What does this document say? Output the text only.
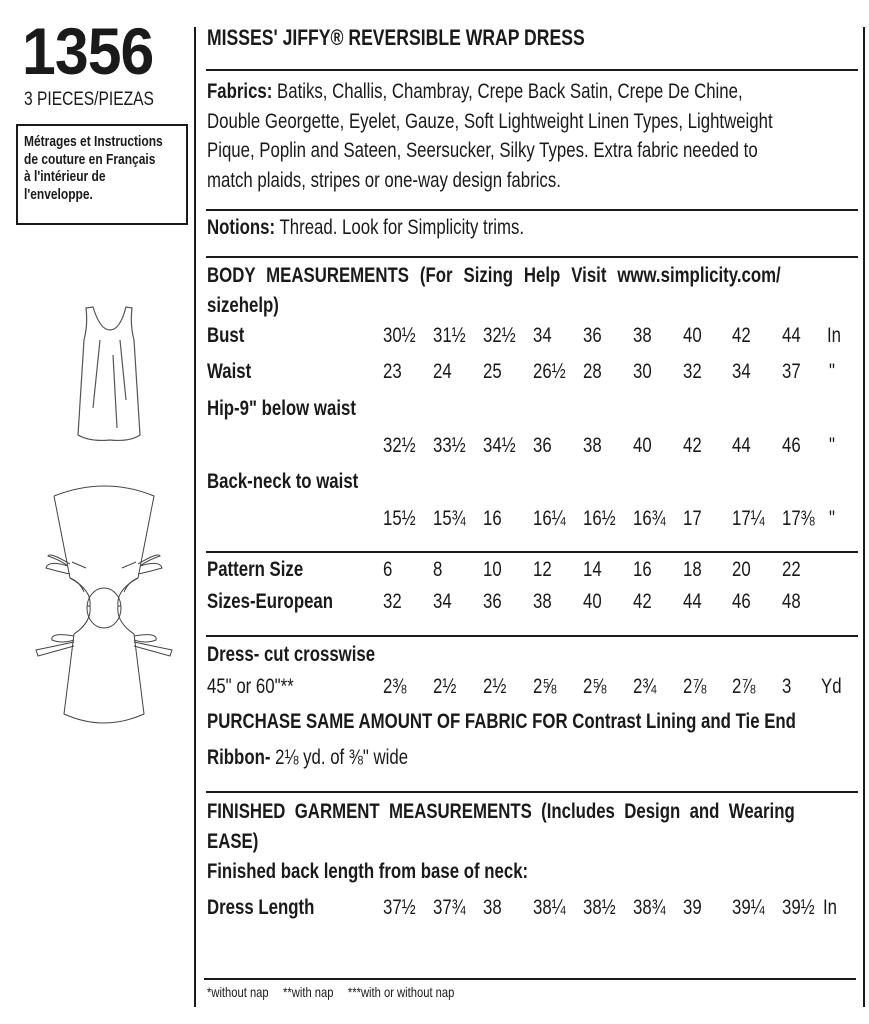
1356
3 PIECES/PIEZAS
Métrages et Instructions
de couture en Français
à l'intérieur de
l'enveloppe.
MISSES' JIFFY® REVERSIBLE WRAP DRESS
Fabrics: Batiks, Challis, Chambray, Crepe Back Satin, Crepe De Chine,
Double Georgette, Eyelet, Gauze, Soft Lightweight Linen Types, Lightweight
Pique, Poplin and Sateen, Seersucker, Silky Types. Extra fabric needed to
match plaids, stripes or one-way design fabrics.
Notions: Thread. Look for Simplicity trims.
BODY  MEASUREMENTS  (For  Sizing  Help  Visit  www.simplicity.com/
sizehelp)
Bust	30½ 31½ 32½ 34 36 38 40 42 44 In
Waist	23 24 25 26½ 28 30 32 34 37 "
Hip-9" below waist
32½ 33½ 34½ 36 38 40 42 44 46 "
Back-neck to waist
15½ 15¾ 16 16¼ 16½ 16¾ 17 17¼ 17⅜ "
Pattern Size	6 8 10 12 14 16 18 20 22
Sizes-European 32 34 36 38 40 42 44 46 48
Dress- cut crosswise
45" or 60"**	2⅜ 2½ 2½ 2⅝ 2⅝ 2¾ 2⅞ 2⅞ 3 Yd
PURCHASE SAME AMOUNT OF FABRIC FOR Contrast Lining and Tie End
Ribbon- 2⅛ yd. of ⅜" wide
FINISHED  GARMENT  MEASUREMENTS  (Includes  Design  and  Wearing
EASE)
Finished back length from base of neck:
Dress Length	37½ 37¾ 38 38¼ 38½ 38¾ 39 39¼ 39½ In
*without nap **with nap ***with or without nap
